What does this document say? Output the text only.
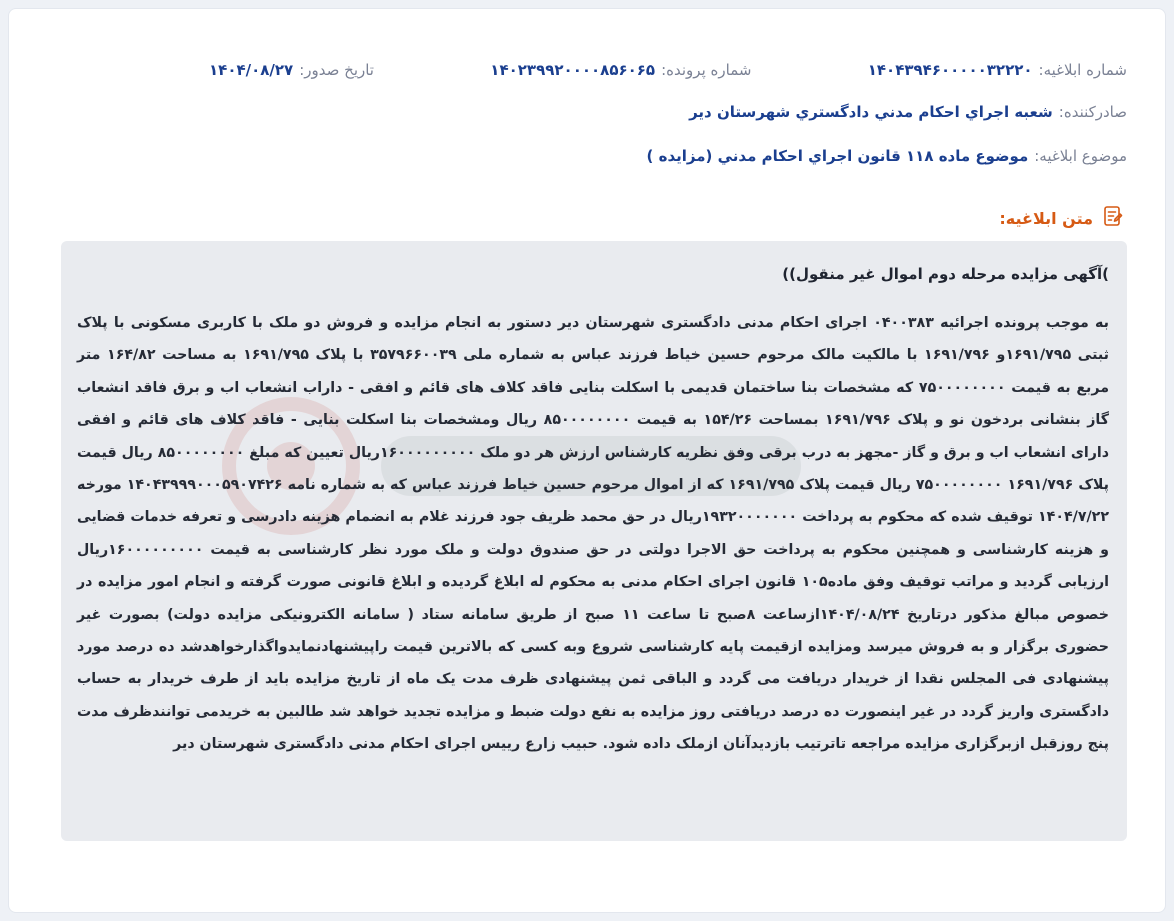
شماره ابلاغیه:
۱۴۰۴۳۹۴۶۰۰۰۰۰۳۲۲۲۰
شماره پرونده:
۱۴۰۲۳۹۹۲۰۰۰۰۸۵۶۰۶۵
تاریخ صدور:
۱۴۰۴/۰۸/۲۷
صادرکننده:
شعبه اجراي احكام مدني دادگستري شهرستان دير
موضوع ابلاغیه:
موضوع ماده ۱۱۸ قانون اجراي احكام مدني (مزايده )
متن ابلاغیه:
)آگهی مزایده مرحله دوم اموال غیر منقول))
به موجب پرونده اجرائیه ۰۴۰۰۳۸۳ اجرای احکام مدنی دادگستری شهرستان دیر دستور به انجام مزایده و فروش دو ملک با کاربری مسکونی با پلاک ثبتی ۱۶۹۱/۷۹۵و ۱۶۹۱/۷۹۶ با مالکیت مالک مرحوم حسین خیاط فرزند عباس به شماره ملی ۳۵۷۹۶۶۰۰۳۹ با پلاک ۱۶۹۱/۷۹۵ به مساحت ۱۶۴/۸۲ متر مربع به قیمت ۷۵۰۰۰۰۰۰۰۰ که مشخصات بنا ساختمان قدیمی با اسکلت بنایی فاقد کلاف های قائم و افقی - داراب انشعاب اب و برق فاقد انشعاب گاز بنشانی بردخون نو و پلاک ۱۶۹۱/۷۹۶ بمساحت ۱۵۴/۲۶ به قیمت ۸۵۰۰۰۰۰۰۰۰ ریال ومشخصات بنا اسکلت بنایی - فاقد کلاف های قائم و افقی دارای انشعاب اب و برق و گاز -مجهز به درب برقی وفق نظریه کارشناس ارزش هر دو ملک ۱۶۰۰۰۰۰۰۰۰۰ریال تعیین که مبلغ ۸۵۰۰۰۰۰۰۰۰ ریال قیمت پلاک ۱۶۹۱/۷۹۶ ۷۵۰۰۰۰۰۰۰۰ ریال قیمت پلاک ۱۶۹۱/۷۹۵ که از اموال مرحوم حسین خیاط فرزند عباس که به شماره نامه ۱۴۰۴۳۹۹۹۰۰۰۵۹۰۷۴۲۶ مورخه ۱۴۰۴/۷/۲۲ توقیف شده که محکوم به پرداخت ۱۹۳۲۰۰۰۰۰۰۰ریال در حق محمد ظریف جود فرزند غلام به انضمام هزینه دادرسی و تعرفه خدمات قضایی و هزینه کارشناسی و همچنین محکوم به پرداخت حق الاجرا دولتی در حق صندوق دولت و ملک مورد نظر کارشناسی به قیمت ۱۶۰۰۰۰۰۰۰۰۰ریال ارزیابی گردید و مراتب توقیف وفق ماده۱۰۵ قانون اجرای احکام مدنی به محکوم له ابلاغ گردیده و ابلاغ قانونی صورت گرفته و انجام امور مزایده در خصوص مبالغ مذکور درتاریخ ۱۴۰۴/۰۸/۲۴ازساعت ۸صبح تا ساعت ۱۱ صبح از طریق سامانه ستاد ( سامانه الکترونیکی مزایده دولت) بصورت غیر حضوری برگزار و به فروش میرسد ومزایده ازقیمت پایه کارشناسی شروع وبه کسی که بالاترین قیمت راپیشنهادنمایدواگذارخواهدشد ده درصد مورد پیشنهادی فی المجلس نقدا از خریدار دریافت می گردد و الباقی ثمن پیشنهادی ظرف مدت یک ماه از تاریخ مزایده باید از طرف خریدار به حساب دادگستری واریز گردد در غیر اینصورت ده درصد دریافتی روز مزایده به نفع دولت ضبط و مزایده تجدید خواهد شد طالبین به خریدمی توانندظرف مدت پنج روزقبل ازبرگزاری مزایده مراجعه تاترتیب بازدیدآنان ازملک داده شود. حبیب زارع رییس اجرای احکام مدنی دادگستری شهرستان دیر
